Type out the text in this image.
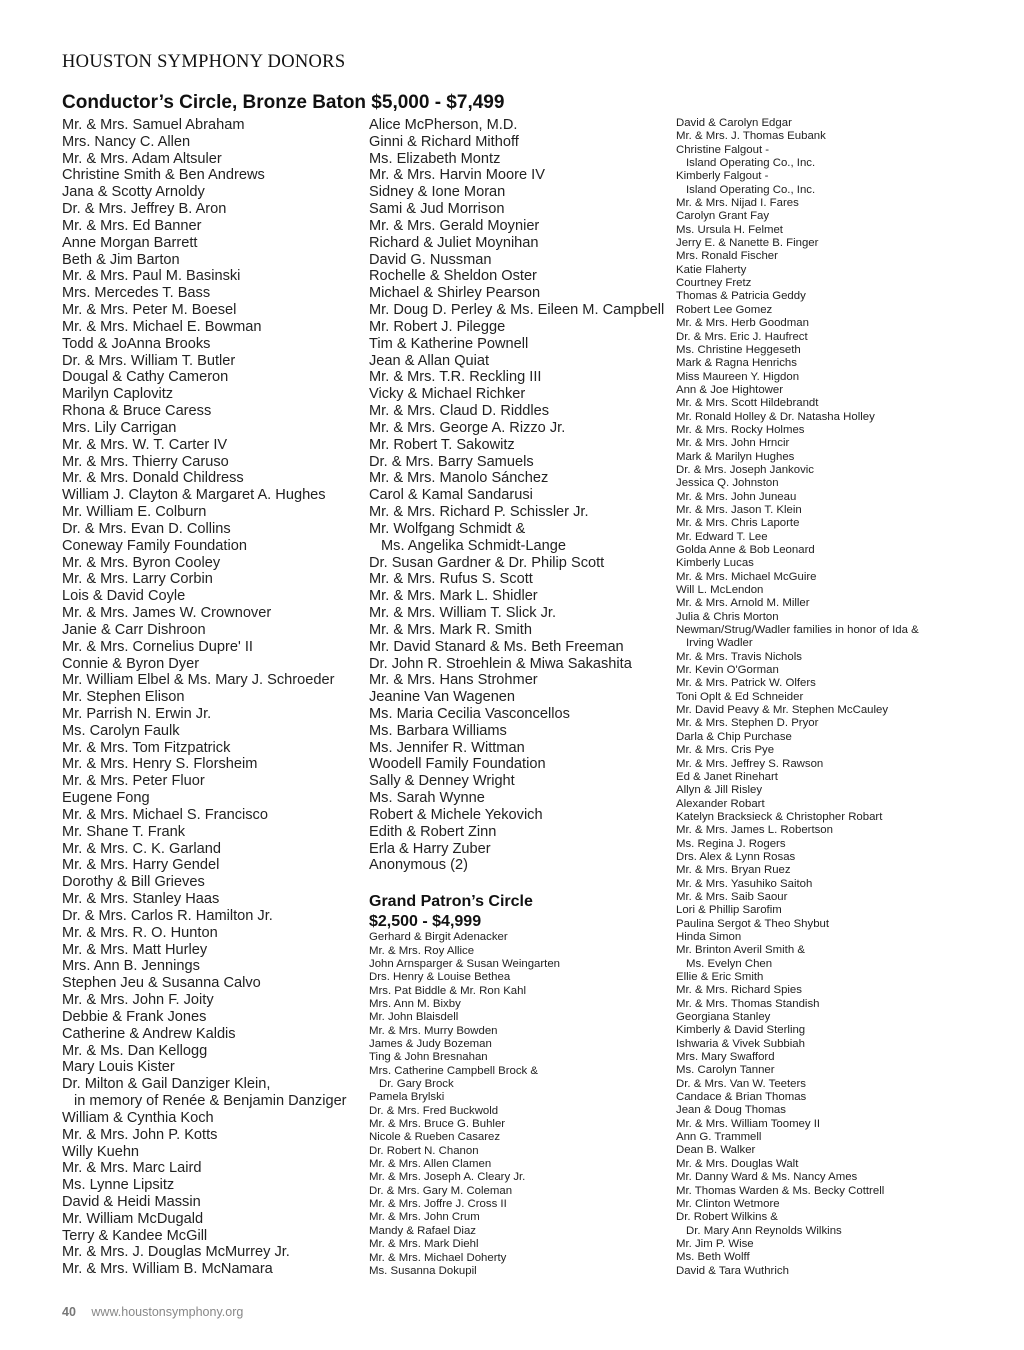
HOUSTON SYMPHONY DONORS
Conductor’s Circle, Bronze Baton $5,000 - $7,499
Mr. & Mrs. Samuel Abraham
Mrs. Nancy C. Allen
Mr. & Mrs. Adam Altsuler
Christine Smith & Ben Andrews
Jana & Scotty Arnoldy
Dr. & Mrs. Jeffrey B. Aron
Mr. & Mrs. Ed Banner
Anne Morgan Barrett
Beth & Jim Barton
Mr. & Mrs. Paul M. Basinski
Mrs. Mercedes T. Bass
Mr. & Mrs. Peter M. Boesel
Mr. & Mrs. Michael E. Bowman
Todd & JoAnna Brooks
Dr. & Mrs. William T. Butler
Dougal & Cathy Cameron
Marilyn Caplovitz
Rhona & Bruce Caress
Mrs. Lily Carrigan
Mr. & Mrs. W. T. Carter IV
Mr. & Mrs. Thierry Caruso
Mr. & Mrs. Donald Childress
William J. Clayton & Margaret A. Hughes
Mr. William E. Colburn
Dr. & Mrs. Evan D. Collins
Coneway Family Foundation
Mr. & Mrs. Byron Cooley
Mr. & Mrs. Larry Corbin
Lois & David Coyle
Mr. & Mrs. James W. Crownover
Janie & Carr Dishroon
Mr. & Mrs. Cornelius Dupre' II
Connie & Byron Dyer
Mr. William Elbel & Ms. Mary J. Schroeder
Mr. Stephen Elison
Mr. Parrish N. Erwin Jr.
Ms. Carolyn Faulk
Mr. & Mrs. Tom Fitzpatrick
Mr. & Mrs. Henry S. Florsheim
Mr. & Mrs. Peter Fluor
Eugene Fong
Mr. & Mrs. Michael S. Francisco
Mr. Shane T. Frank
Mr. & Mrs. C. K. Garland
Mr. & Mrs. Harry Gendel
Dorothy & Bill Grieves
Mr. & Mrs. Stanley Haas
Dr. & Mrs. Carlos R. Hamilton Jr.
Mr. & Mrs. R. O. Hunton
Mr. & Mrs. Matt Hurley
Mrs. Ann B. Jennings
Stephen Jeu & Susanna Calvo
Mr. & Mrs. John F. Joity
Debbie & Frank Jones
Catherine & Andrew Kaldis
Mr. & Ms. Dan Kellogg
Mary Louis Kister
Dr. Milton & Gail Danziger Klein,
in memory of Renée & Benjamin Danziger
William & Cynthia Koch
Mr. & Mrs. John P. Kotts
Willy Kuehn
Mr. & Mrs. Marc Laird
Ms. Lynne Lipsitz
David & Heidi Massin
Mr. William McDugald
Terry & Kandee McGill
Mr. & Mrs. J. Douglas McMurrey Jr.
Mr. & Mrs. William B. McNamara
Alice McPherson, M.D.
Ginni & Richard Mithoff
Ms. Elizabeth Montz
Mr. & Mrs. Harvin Moore IV
Sidney & Ione Moran
Sami & Jud Morrison
Mr. & Mrs. Gerald Moynier
Richard & Juliet Moynihan
David G. Nussman
Rochelle & Sheldon Oster
Michael & Shirley Pearson
Mr. Doug D. Perley & Ms. Eileen M. Campbell
Mr. Robert J. Pilegge
Tim & Katherine Pownell
Jean & Allan Quiat
Mr. & Mrs. T.R. Reckling III
Vicky & Michael Richker
Mr. & Mrs. Claud D. Riddles
Mr. & Mrs. George A. Rizzo Jr.
Mr. Robert T. Sakowitz
Dr. & Mrs. Barry Samuels
Mr. & Mrs. Manolo Sánchez
Carol & Kamal Sandarusi
Mr. & Mrs. Richard P. Schissler Jr.
Mr. Wolfgang Schmidt &
Ms. Angelika Schmidt-Lange
Dr. Susan Gardner & Dr. Philip Scott
Mr. & Mrs. Rufus S. Scott
Mr. & Mrs. Mark L. Shidler
Mr. & Mrs. William T. Slick Jr.
Mr. & Mrs. Mark R. Smith
Mr. David Stanard & Ms. Beth Freeman
Dr. John R. Stroehlein & Miwa Sakashita
Mr. & Mrs. Hans Strohmer
Jeanine Van Wagenen
Ms. Maria Cecilia Vasconcellos
Ms. Barbara Williams
Ms. Jennifer R. Wittman
Woodell Family Foundation
Sally & Denney Wright
Ms. Sarah Wynne
Robert & Michele Yekovich
Edith & Robert Zinn
Erla & Harry Zuber
Anonymous (2)
Grand Patron’s Circle
$2,500 - $4,999
Gerhard & Birgit Adenacker
Mr. & Mrs. Roy Allice
John Arnsparger & Susan Weingarten
Drs. Henry & Louise Bethea
Mrs. Pat Biddle & Mr. Ron Kahl
Mrs. Ann M. Bixby
Mr. John Blaisdell
Mr. & Mrs. Murry Bowden
James & Judy Bozeman
Ting & John Bresnahan
Mrs. Catherine Campbell Brock &
Dr. Gary Brock
Pamela Brylski
Dr. & Mrs. Fred Buckwold
Mr. & Mrs. Bruce G. Buhler
Nicole & Rueben Casarez
Dr. Robert N. Chanon
Mr. & Mrs. Allen Clamen
Mr. & Mrs. Joseph A. Cleary Jr.
Dr. & Mrs. Gary M. Coleman
Mr. & Mrs. Joffre J. Cross II
Mr. & Mrs. John Crum
Mandy & Rafael Diaz
Mr. & Mrs. Mark Diehl
Mr. & Mrs. Michael Doherty
Ms. Susanna Dokupil
David & Carolyn Edgar
Mr. & Mrs. J. Thomas Eubank
Christine Falgout -
Island Operating Co., Inc.
Kimberly Falgout -
Island Operating Co., Inc.
Mr. & Mrs. Nijad I. Fares
Carolyn Grant Fay
Ms. Ursula H. Felmet
Jerry E. & Nanette B. Finger
Mrs. Ronald Fischer
Katie Flaherty
Courtney Fretz
Thomas & Patricia Geddy
Robert Lee Gomez
Mr. & Mrs. Herb Goodman
Dr. & Mrs. Eric J. Haufrect
Ms. Christine Heggeseth
Mark & Ragna Henrichs
Miss Maureen Y. Higdon
Ann & Joe Hightower
Mr. & Mrs. Scott Hildebrandt
Mr. Ronald Holley & Dr. Natasha Holley
Mr. & Mrs. Rocky Holmes
Mr. & Mrs. John Hrncir
Mark & Marilyn Hughes
Dr. & Mrs. Joseph Jankovic
Jessica Q. Johnston
Mr. & Mrs. John Juneau
Mr. & Mrs. Jason T. Klein
Mr. & Mrs. Chris Laporte
Mr. Edward T. Lee
Golda Anne & Bob Leonard
Kimberly Lucas
Mr. & Mrs. Michael McGuire
Will L. McLendon
Mr. & Mrs. Arnold M. Miller
Julia & Chris Morton
Newman/Strug/Wadler families in honor of Ida &
Irving Wadler
Mr. & Mrs. Travis Nichols
Mr. Kevin O'Gorman
Mr. & Mrs. Patrick W. Olfers
Toni Oplt & Ed Schneider
Mr. David Peavy & Mr. Stephen McCauley
Mr. & Mrs. Stephen D. Pryor
Darla & Chip Purchase
Mr. & Mrs. Cris Pye
Mr. & Mrs. Jeffrey S. Rawson
Ed & Janet Rinehart
Allyn & Jill Risley
Alexander Robart
Katelyn Bracksieck & Christopher Robart
Mr. & Mrs. James L. Robertson
Ms. Regina J. Rogers
Drs. Alex & Lynn Rosas
Mr. & Mrs. Bryan Ruez
Mr. & Mrs. Yasuhiko Saitoh
Mr. & Mrs. Saib Saour
Lori & Phillip Sarofim
Paulina Sergot & Theo Shybut
Hinda Simon
Mr. Brinton Averil Smith &
Ms. Evelyn Chen
Ellie & Eric Smith
Mr. & Mrs. Richard Spies
Mr. & Mrs. Thomas Standish
Georgiana Stanley
Kimberly & David Sterling
Ishwaria & Vivek Subbiah
Mrs. Mary Swafford
Ms. Carolyn Tanner
Dr. & Mrs. Van W. Teeters
Candace & Brian Thomas
Jean & Doug Thomas
Mr. & Mrs. William Toomey II
Ann G. Trammell
Dean B. Walker
Mr. & Mrs. Douglas Walt
Mr. Danny Ward & Ms. Nancy Ames
Mr. Thomas Warden & Ms. Becky Cottrell
Mr. Clinton Wetmore
Dr. Robert Wilkins &
Dr. Mary Ann Reynolds Wilkins
Mr. Jim P. Wise
Ms. Beth Wolff
David & Tara Wuthrich
40 www.houstonsymphony.org
